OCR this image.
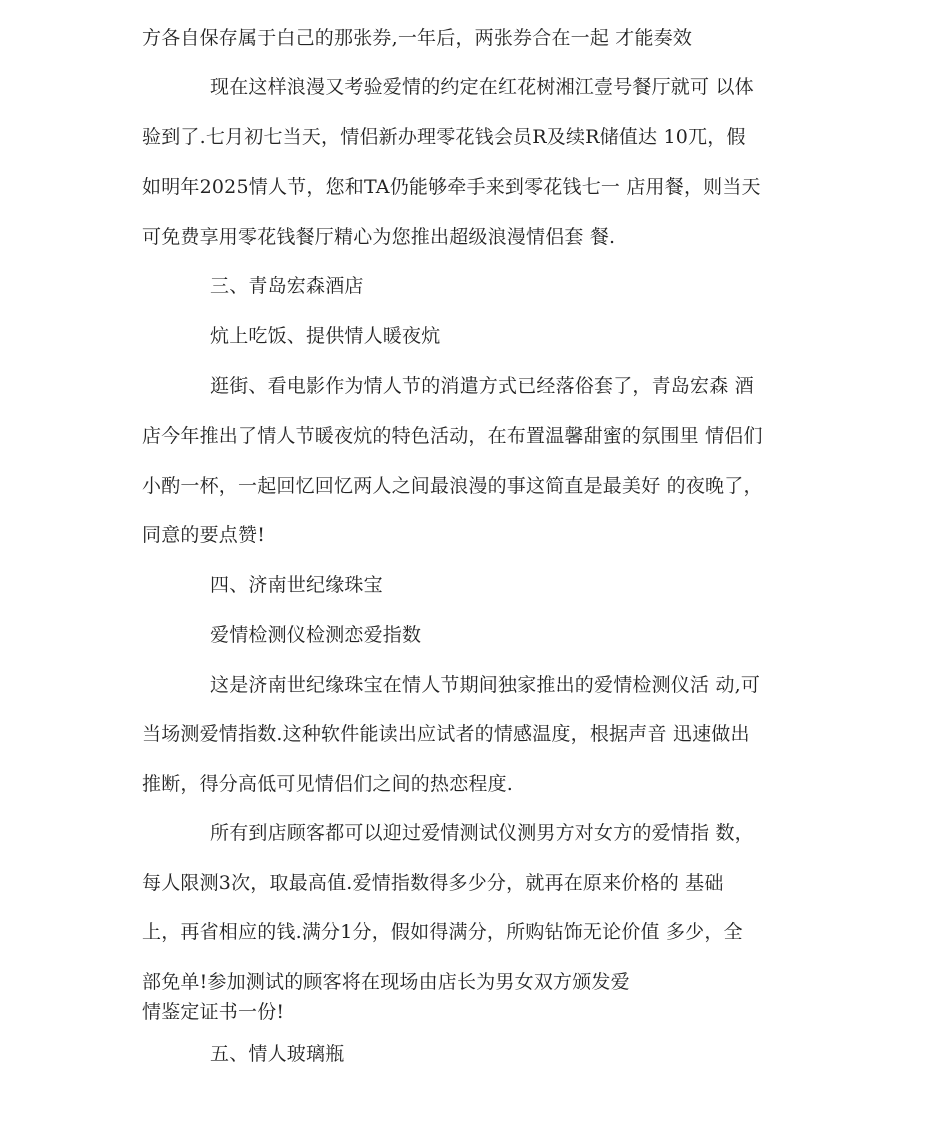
方各自保存属于白己的那张券,一年后，两张券合在一起 才能奏效
现在这样浪漫又考验爱情的约定在红花树湘江壹号餐厅就可 以体
验到了.七月初七当天，情侣新办理零花钱会员R及续R储值达 10兀，假
如明年2025情人节，您和TA仍能够牵手来到零花钱七一 店用餐，则当天
可免费享用零花钱餐厅精心为您推出超级浪漫情侣套 餐.
三、青岛宏森酒店
炕上吃饭、提供情人暖夜炕
逛街、看电影作为情人节的消遣方式已经落俗套了，青岛宏森 酒
店今年推出了情人节暖夜炕的特色活动，在布置温馨甜蜜的氛围里 情侣们
小酌一杯，一起回忆回忆两人之间最浪漫的事这简直是最美好 的夜晚了，
同意的要点赞!
四、济南世纪缘珠宝
爱情检测仪检测恋爱指数
这是济南世纪缘珠宝在情人节期间独家推出的爱情检测仪活 动,可
当场测爱情指数.这种软件能读出应试者的情感温度，根据声音 迅速做出
推断，得分高低可见情侣们之间的热恋程度.
所有到店顾客都可以迎过爱情测试仪测男方对女方的爱情指 数，
每人限测3次，取最高值.爱情指数得多少分，就再在原来价格的 基础
上，再省相应的钱.满分1分，假如得满分，所购钻饰无论价值 多少，全
部免单!参加测试的顾客将在现场由店长为男女双方颁发爱
情鉴定证书一份!
五、情人玻璃瓶
